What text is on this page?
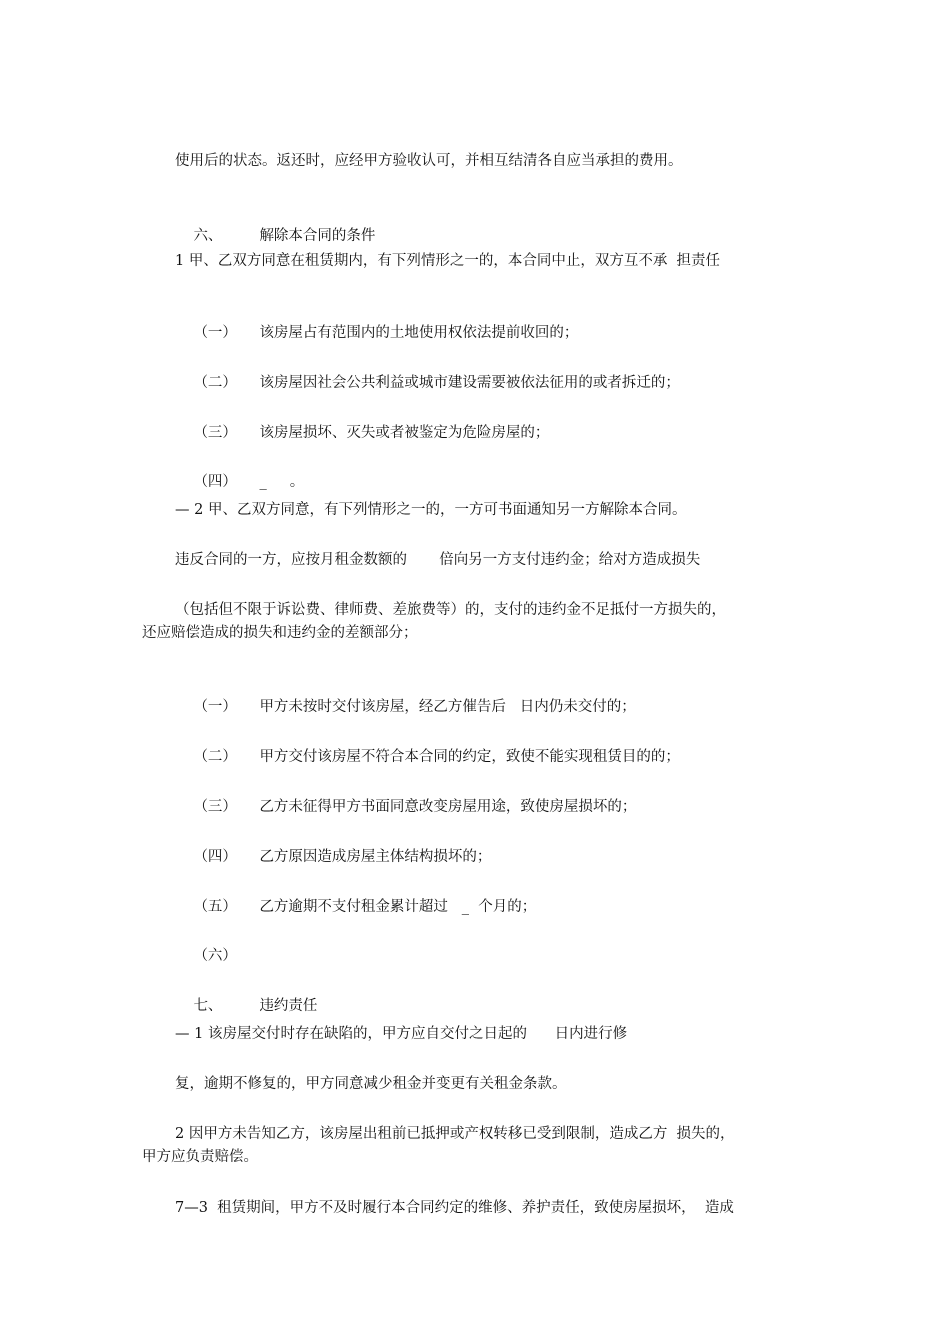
使用后的状态。返还时，应经甲方验收认可，并相互结清各自应当承担的费用。

六、	解除本合同的条件

1 甲、乙双方同意在租赁期内，有下列情形之一的，本合同中止，双方互不承  担责任

（一） 该房屋占有范围内的土地使用权依法提前收回的；

（二） 该房屋因社会公共利益或城市建设需要被依法征用的或者拆迁的；

（三） 该房屋损坏、灭失或者被鉴定为危险房屋的；

（四） _     。

— 2 甲、乙双方同意，有下列情形之一的，一方可书面通知另一方解除本合同。
违反合同的一方，应按月租金数额的       倍向另一方支付违约金；给对方造成损失
（包括但不限于诉讼费、律师费、差旅费等）的，支付的违约金不足抵付一方损失的，
还应赔偿造成的损失和违约金的差额部分；

（一） 甲方未按时交付该房屋，经乙方催告后   日内仍未交付的；

（二） 甲方交付该房屋不符合本合同的约定，致使不能实现租赁目的的；

（三） 乙方未征得甲方书面同意改变房屋用途，致使房屋损坏的；

（四） 乙方原因造成房屋主体结构损坏的；

（五） 乙方逾期不支付租金累计超过   _  个月的；

（六）

七、	违约责任

— 1 该房屋交付时存在缺陷的，甲方应自交付之日起的      日内进行修
复，逾期不修复的，甲方同意减少租金并变更有关租金条款。
2 因甲方未告知乙方，该房屋出租前已抵押或产权转移已受到限制，造成乙方  损失的，
甲方应负责赔偿。
7—3  租赁期间，甲方不及时履行本合同约定的维修、养护责任，致使房屋损坏，  造成
